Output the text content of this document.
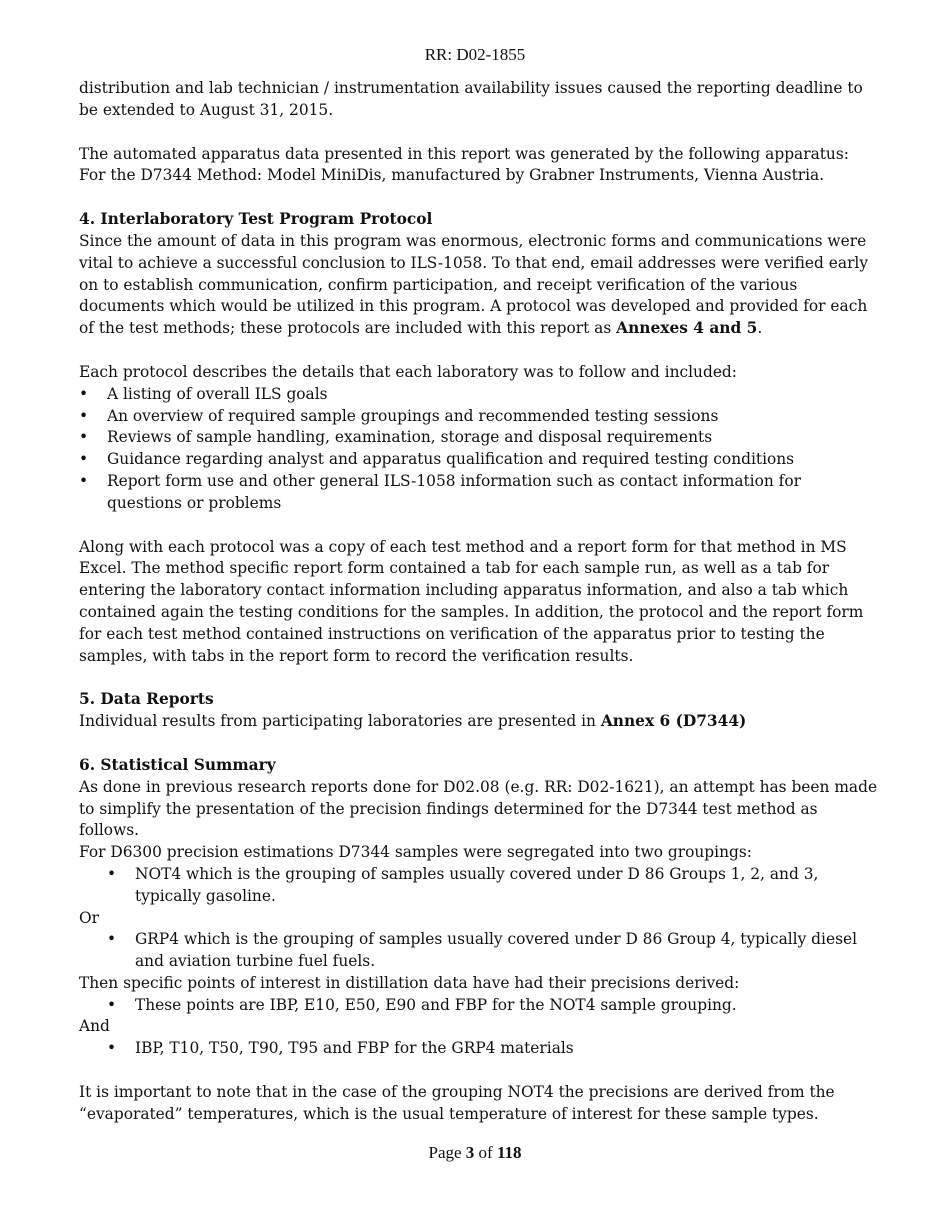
RR: D02-1855

distribution and lab technician / instrumentation availability issues caused the reporting deadline to be extended to August 31, 2015.

The automated apparatus data presented in this report was generated by the following apparatus: For the D7344 Method: Model MiniDis, manufactured by Grabner Instruments, Vienna Austria.

4. Interlaboratory Test Program Protocol

Since the amount of data in this program was enormous, electronic forms and communications were vital to achieve a successful conclusion to ILS-1058. To that end, email addresses were verified early on to establish communication, confirm participation, and receipt verification of the various documents which would be utilized in this program. A protocol was developed and provided for each of the test methods; these protocols are included with this report as Annexes 4 and 5.

Each protocol describes the details that each laboratory was to follow and included:

• A listing of overall ILS goals
• An overview of required sample groupings and recommended testing sessions
• Reviews of sample handling, examination, storage and disposal requirements
• Guidance regarding analyst and apparatus qualification and required testing conditions
• Report form use and other general ILS-1058 information such as contact information for questions or problems

Along with each protocol was a copy of each test method and a report form for that method in MS Excel. The method specific report form contained a tab for each sample run, as well as a tab for entering the laboratory contact information including apparatus information, and also a tab which contained again the testing conditions for the samples. In addition, the protocol and the report form for each test method contained instructions on verification of the apparatus prior to testing the samples, with tabs in the report form to record the verification results.

5. Data Reports

Individual results from participating laboratories are presented in Annex 6 (D7344)

6. Statistical Summary

As done in previous research reports done for D02.08 (e.g. RR: D02-1621), an attempt has been made to simplify the presentation of the precision findings determined for the D7344 test method as follows.

For D6300 precision estimations D7344 samples were segregated into two groupings:

• NOT4 which is the grouping of samples usually covered under D 86 Groups 1, 2, and 3, typically gasoline.

Or

• GRP4 which is the grouping of samples usually covered under D 86 Group 4, typically diesel and aviation turbine fuel fuels.

Then specific points of interest in distillation data have had their precisions derived:

• These points are IBP, E10, E50, E90 and FBP for the NOT4 sample grouping.

And

• IBP, T10, T50, T90, T95 and FBP for the GRP4 materials

It is important to note that in the case of the grouping NOT4 the precisions are derived from the “evaporated” temperatures, which is the usual temperature of interest for these sample types.

Page 3 of 118
